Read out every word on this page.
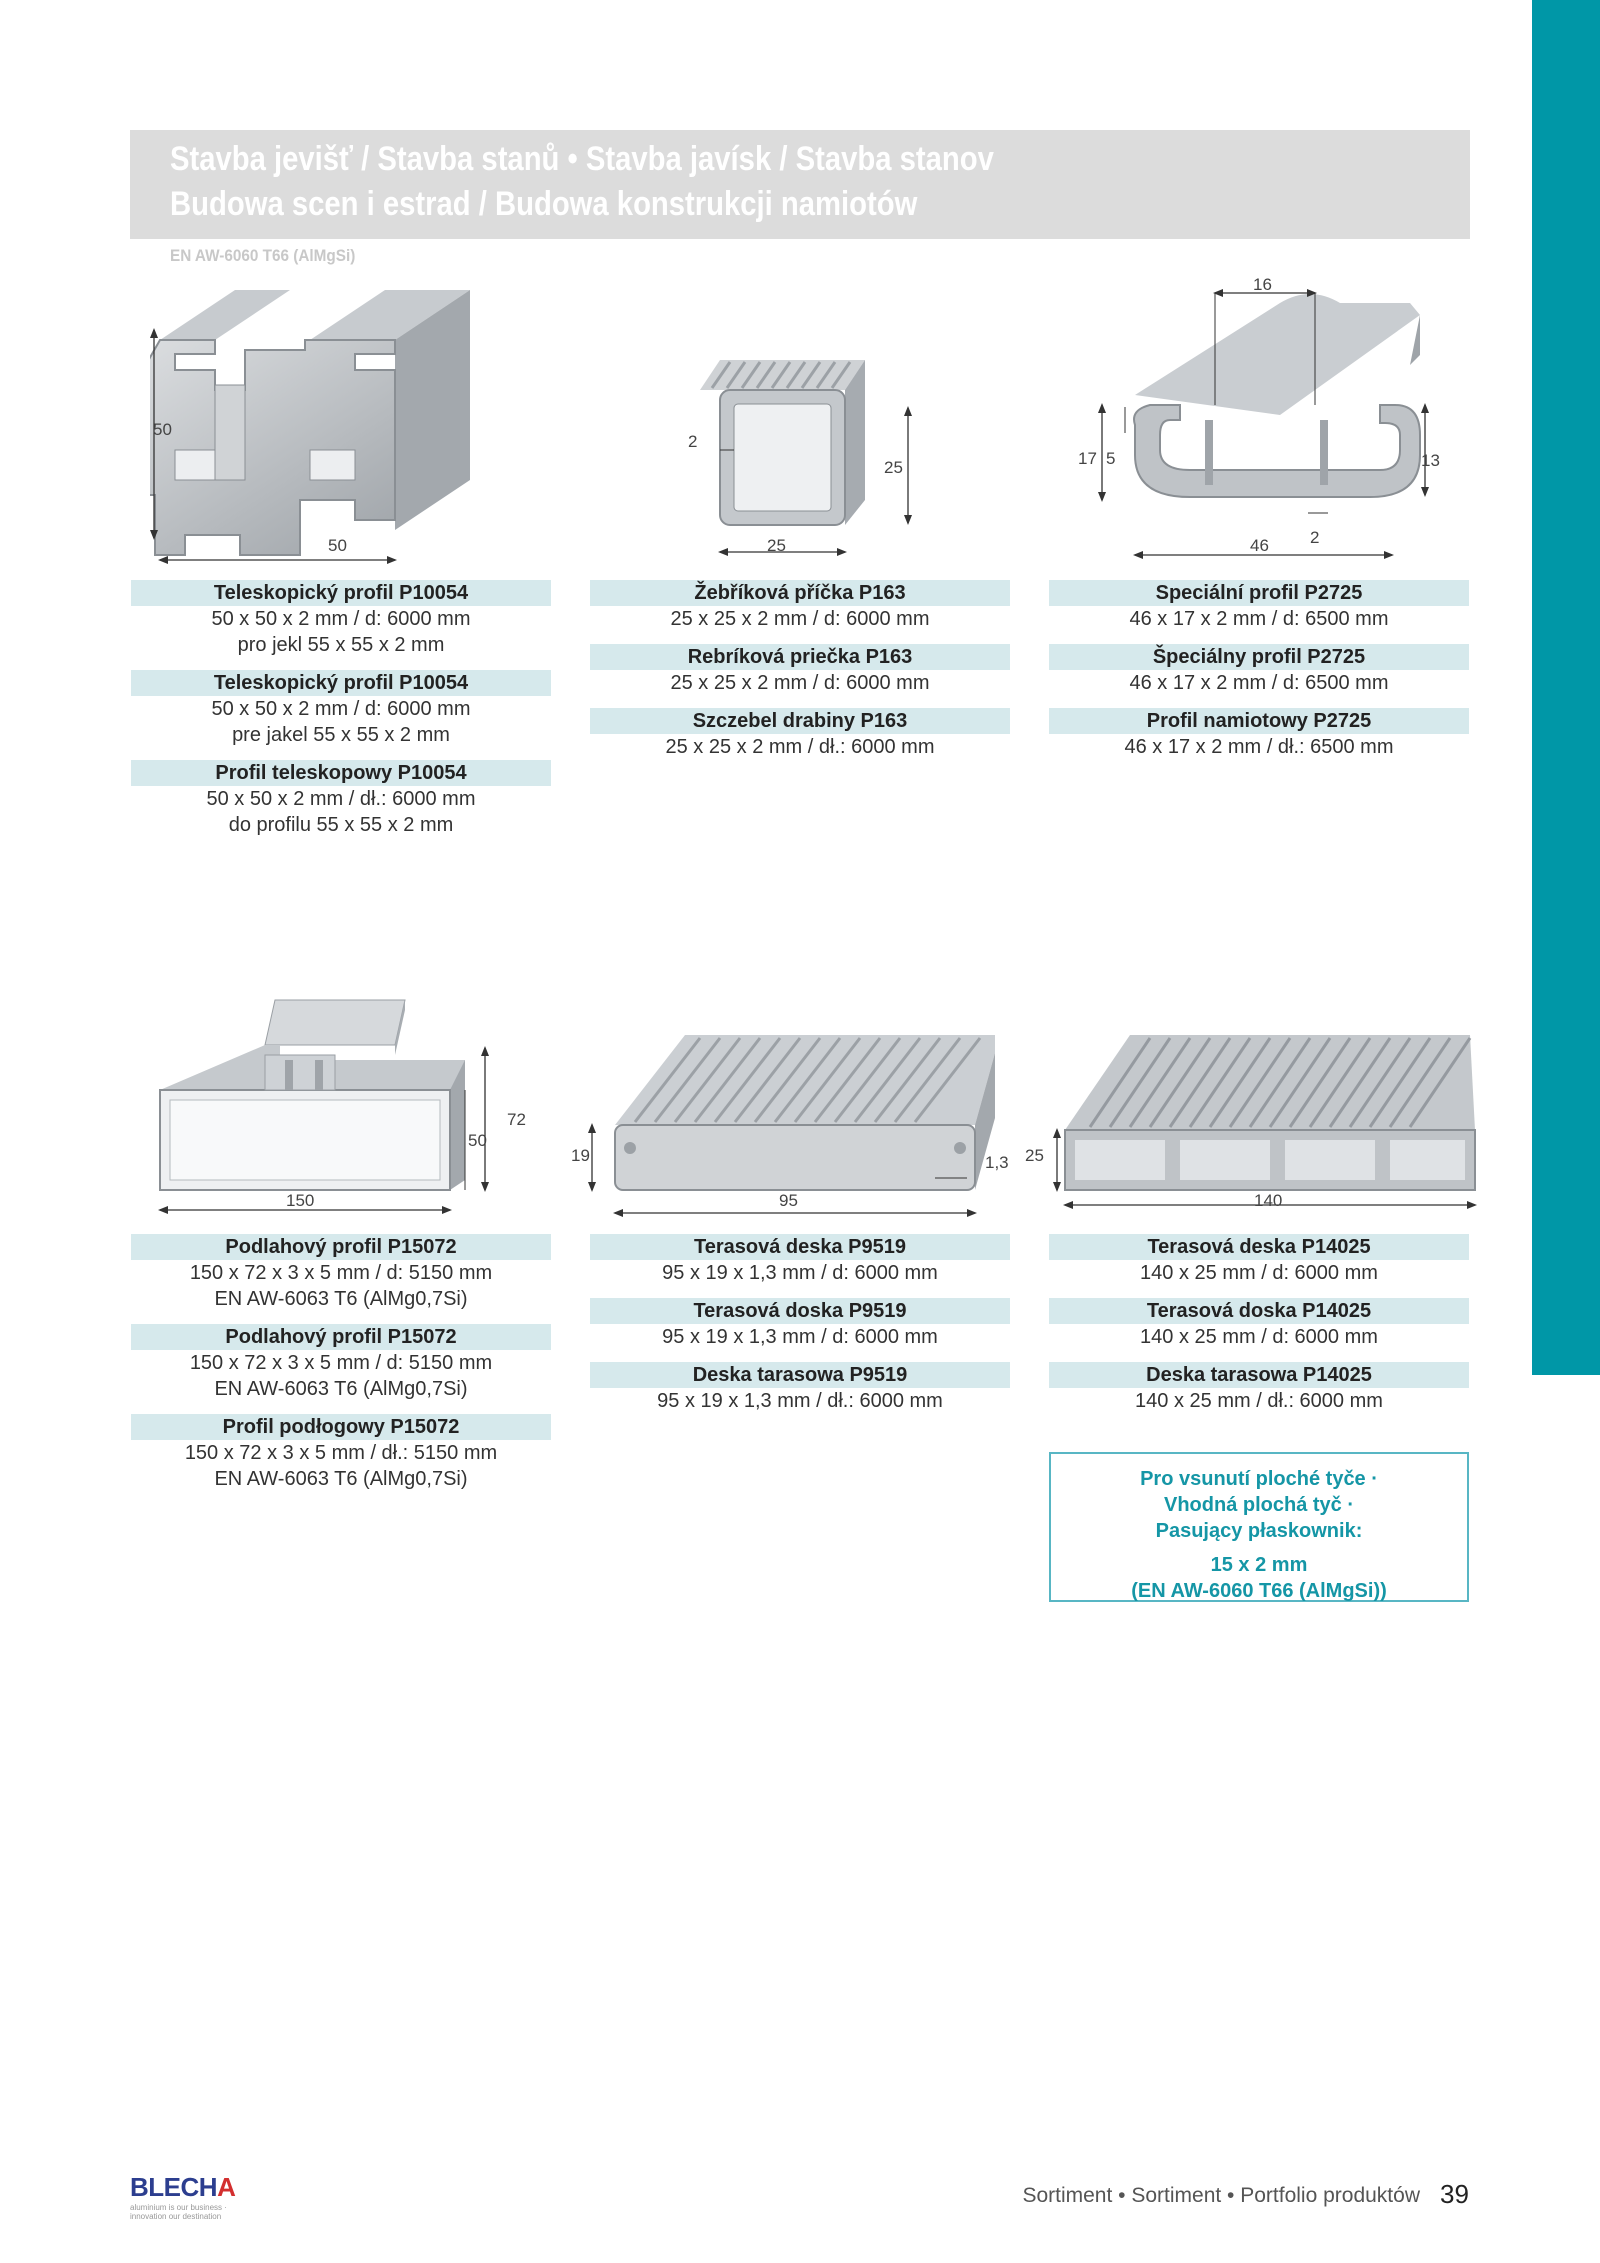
Stavba jevišť / Stavba stanů • Stavba javísk / Stavba stanov
Budowa scen i estrad / Budowa konstrukcji namiotów
EN AW-6060 T66 (AlMgSi)
50
50
2
25
25
16
17 5	13
2
46
Teleskopický profil P10054
50 x 50 x 2 mm / d: 6000 mm
pro jekl 55 x 55 x 2 mm
Teleskopický profil P10054
50 x 50 x 2 mm / d: 6000 mm
pre jakel 55 x 55 x 2 mm
Profil teleskopowy P10054
50 x 50 x 2 mm / dł.: 6000 mm
do profilu 55 x 55 x 2 mm
Žebříková příčka P163
25 x 25 x 2 mm / d: 6000 mm
Rebríková priečka P163
25 x 25 x 2 mm / d: 6000 mm
Szczebel drabiny P163
25 x 25 x 2 mm / dł.: 6000 mm
Speciální profil P2725
46 x 17 x 2 mm / d: 6500 mm
Špeciálny profil P2725
46 x 17 x 2 mm / d: 6500 mm
Profil namiotowy P2725
46 x 17 x 2 mm / dł.: 6500 mm
72
50
150
19	1,3
95
25
140
Podlahový profil P15072
150 x 72 x 3 x 5 mm / d: 5150 mm
EN AW-6063 T6 (AlMg0,7Si)
Podlahový profil P15072
150 x 72 x 3 x 5 mm / d: 5150 mm
EN AW-6063 T6 (AlMg0,7Si)
Profil podłogowy P15072
150 x 72 x 3 x 5 mm / dł.: 5150 mm
EN AW-6063 T6 (AlMg0,7Si)
Terasová deska P9519
95 x 19 x 1,3 mm / d: 6000 mm
Terasová doska P9519
95 x 19 x 1,3 mm / d: 6000 mm
Deska tarasowa P9519
95 x 19 x 1,3 mm / dł.: 6000 mm
Terasová deska P14025
140 x 25 mm / d: 6000 mm
Terasová doska P14025
140 x 25 mm / d: 6000 mm
Deska tarasowa P14025
140 x 25 mm / dł.: 6000 mm
Pro vsunutí ploché tyče ·
Vhodná plochá tyč ·
Pasujący płaskownik:
15 x 2 mm
(EN AW-6060 T66 (AlMgSi))
BLECHA
aluminium is our business · innovation our destination
Sortiment • Sortiment • Portfolio produktów 39
